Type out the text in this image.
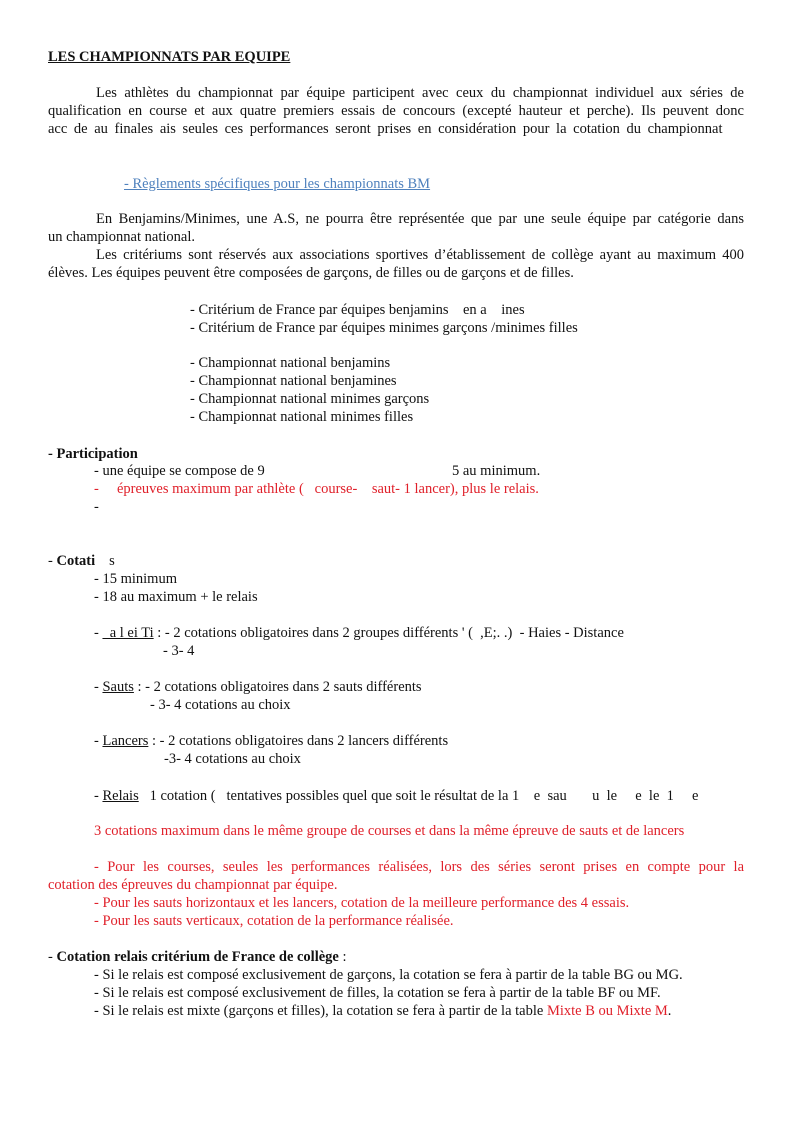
LES CHAMPIONNATS PAR EQUIPE
Les athlètes du championnat par équipe participent avec ceux du championnat individuel aux séries de
qualification en course et aux quatre premiers essais de concours (excepté hauteur et perche). Ils peuvent donc
acc de au finales ais seules ces performances seront prises en considération pour la cotation du championnat
- Règlements spécifiques pour les championnats BM
En Benjamins/Minimes, une A.S, ne pourra être représentée que par une seule équipe par catégorie dans
un championnat national.
Les critériums sont réservés aux associations sportives d’établissement de collège ayant au maximum 400
élèves. Les équipes peuvent être composées de garçons, de filles ou de garçons et de filles.
- Critérium de France par équipes benjamins    en a    ines
- Critérium de France par équipes minimes garçons /minimes filles
- Championnat national benjamins
- Championnat national benjamines
- Championnat national minimes garçons
- Championnat national minimes filles
- Participation
- une équipe se compose de 9	5 au minimum.
-     épreuves maximum par athlète (   course-    saut- 1 lancer), plus le relais.
-
- Cotati s
- 15 minimum
- 18 au maximum + le relais
-   a l ei Ti : - 2 cotations obligatoires dans 2 groupes différents ' (  ,E;. .)  - Haies - Distance
- 3- 4
- Sauts : - 2 cotations obligatoires dans 2 sauts différents
- 3- 4 cotations au choix
- Lancers : - 2 cotations obligatoires dans 2 lancers différents
-3- 4 cotations au choix
- Relais   1 cotation (   tentatives possibles quel que soit le résultat de la 1    e  sau       u  le     e  le  1     e
3 cotations maximum dans le même groupe de courses et dans la même épreuve de sauts et de lancers
- Pour les courses, seules les performances réalisées, lors des séries seront prises en compte pour la
cotation des épreuves du championnat par équipe.
- Pour les sauts horizontaux et les lancers, cotation de la meilleure performance des 4 essais.
- Pour les sauts verticaux, cotation de la performance réalisée.
- Cotation relais critérium de France de collège :
- Si le relais est composé exclusivement de garçons, la cotation se fera à partir de la table BG ou MG.
- Si le relais est composé exclusivement de filles, la cotation se fera à partir de la table BF ou MF.
- Si le relais est mixte (garçons et filles), la cotation se fera à partir de la table Mixte B ou Mixte M.
